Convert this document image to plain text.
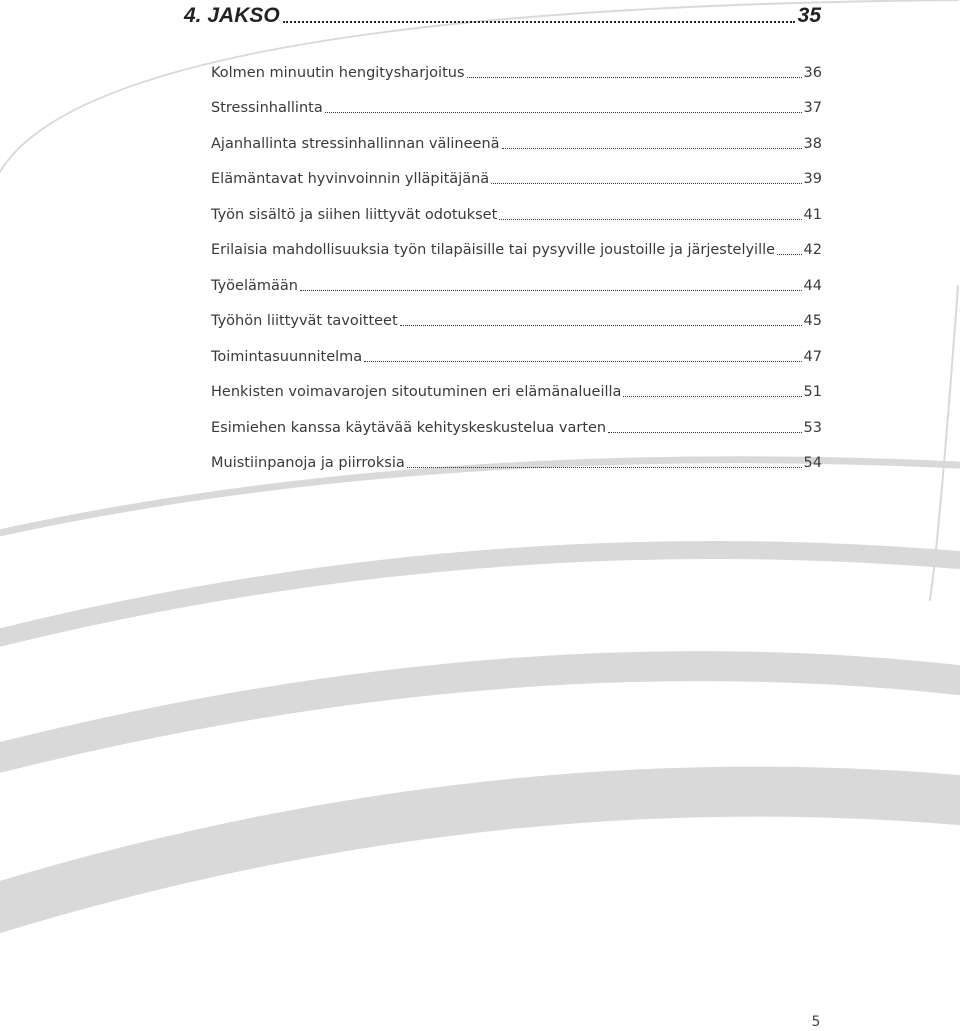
4. JAKSO	35
Kolmen minuutin hengitysharjoitus	36
Stressinhallinta	37
Ajanhallinta stressinhallinnan välineenä	38
Elämäntavat hyvinvoinnin ylläpitäjänä	39
Työn sisältö ja siihen liittyvät odotukset	41
Erilaisia mahdollisuuksia työn tilapäisille tai pysyville joustoille ja järjestelyille 42
Työelämään	44
Työhön liittyvät tavoitteet	45
Toimintasuunnitelma	47
Henkisten voimavarojen sitoutuminen eri elämänalueilla	51
Esimiehen kanssa käytävää kehityskeskustelua varten	53
Muistiinpanoja ja piirroksia	54
5
